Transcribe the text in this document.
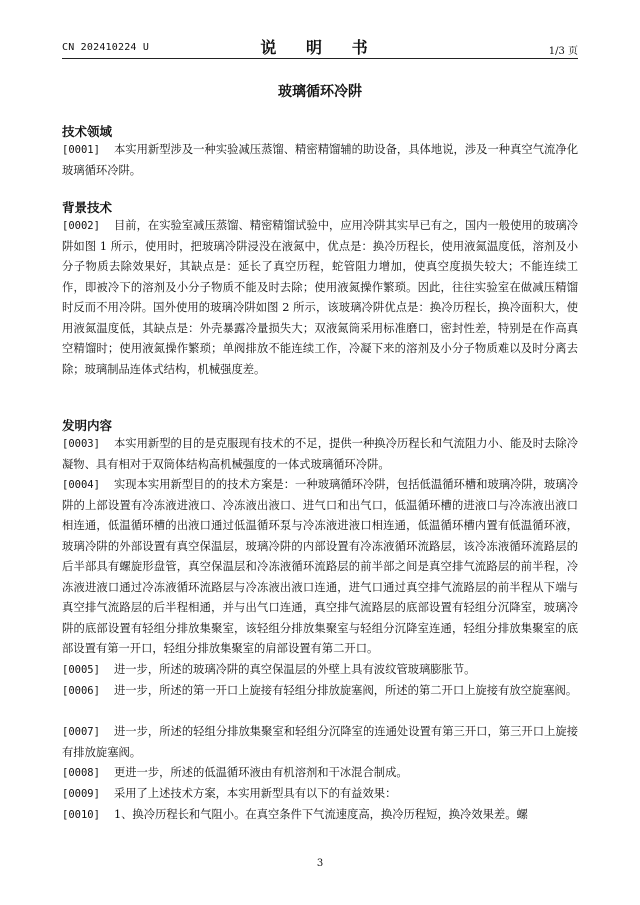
CN 202410224 U	说 明 书	1/3 页
玻璃循环冷阱
技术领域
[0001] 本实用新型涉及一种实验减压蒸馏、精密精馏辅的助设备，具体地说，涉及一种真空气流净化玻璃循环冷阱。
背景技术
[0002] 目前，在实验室减压蒸馏、精密精馏试验中，应用冷阱其实早已有之，国内一般使用的玻璃冷阱如图 1 所示，使用时，把玻璃冷阱浸没在液氮中，优点是：换冷历程长，使用液氮温度低，溶剂及小分子物质去除效果好，其缺点是：延长了真空历程，蛇管阻力增加，使真空度损失较大；不能连续工作，即被冷下的溶剂及小分子物质不能及时去除；使用液氮操作繁琐。因此，往往实验室在做减压精馏时反而不用冷阱。国外使用的玻璃冷阱如图 2 所示，该玻璃冷阱优点是：换冷历程长，换冷面积大，使用液氮温度低，其缺点是：外壳暴露冷量损失大；双液氮筒采用标准磨口，密封性差，特别是在作高真空精馏时；使用液氮操作繁琐；单阀排放不能连续工作，冷凝下来的溶剂及小分子物质难以及时分离去除；玻璃制品连体式结构，机械强度差。
发明内容
[0003] 本实用新型的目的是克服现有技术的不足，提供一种换冷历程长和气流阻力小、能及时去除冷凝物、具有相对于双筒体结构高机械强度的一体式玻璃循环冷阱。
[0004] 实现本实用新型目的的技术方案是：一种玻璃循环冷阱，包括低温循环槽和玻璃冷阱，玻璃冷阱的上部设置有冷冻液进液口、冷冻液出液口、进气口和出气口，低温循环槽的进液口与冷冻液出液口相连通，低温循环槽的出液口通过低温循环泵与冷冻液进液口相连通，低温循环槽内置有低温循环液，玻璃冷阱的外部设置有真空保温层，玻璃冷阱的内部设置有冷冻液循环流路层，该冷冻液循环流路层的后半部具有螺旋形盘管，真空保温层和冷冻液循环流路层的前半部之间是真空排气流路层的前半程，冷冻液进液口通过冷冻液循环流路层与冷冻液出液口连通，进气口通过真空排气流路层的前半程从下端与真空排气流路层的后半程相通，并与出气口连通，真空排气流路层的底部设置有轻组分沉降室，玻璃冷阱的底部设置有轻组分排放集聚室，该轻组分排放集聚室与轻组分沉降室连通，轻组分排放集聚室的底部设置有第一开口，轻组分排放集聚室的肩部设置有第二开口。
[0005] 进一步，所述的玻璃冷阱的真空保温层的外壁上具有波纹管玻璃膨胀节。
[0006] 进一步，所述的第一开口上旋接有轻组分排放旋塞阀，所述的第二开口上旋接有放空旋塞阀。
[0007] 进一步，所述的轻组分排放集聚室和轻组分沉降室的连通处设置有第三开口，第三开口上旋接有排放旋塞阀。
[0008] 更进一步，所述的低温循环液由有机溶剂和干冰混合制成。
[0009] 采用了上述技术方案，本实用新型具有以下的有益效果：
[0010] 1、换冷历程长和气阻小。在真空条件下气流速度高，换冷历程短，换冷效果差。螺
3
